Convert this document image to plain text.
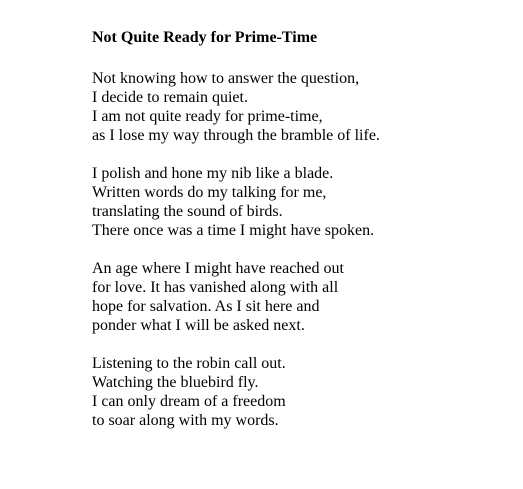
Not Quite Ready for Prime-Time
Not knowing how to answer the question,
I decide to remain quiet.
I am not quite ready for prime-time,
as I lose my way through the bramble of life.
I polish and hone my nib like a blade.
Written words do my talking for me,
translating the sound of birds.
There once was a time I might have spoken.
An age where I might have reached out
for love. It has vanished along with all
hope for salvation. As I sit here and
ponder what I will be asked next.
Listening to the robin call out.
Watching the bluebird fly.
I can only dream of a freedom
to soar along with my words.
